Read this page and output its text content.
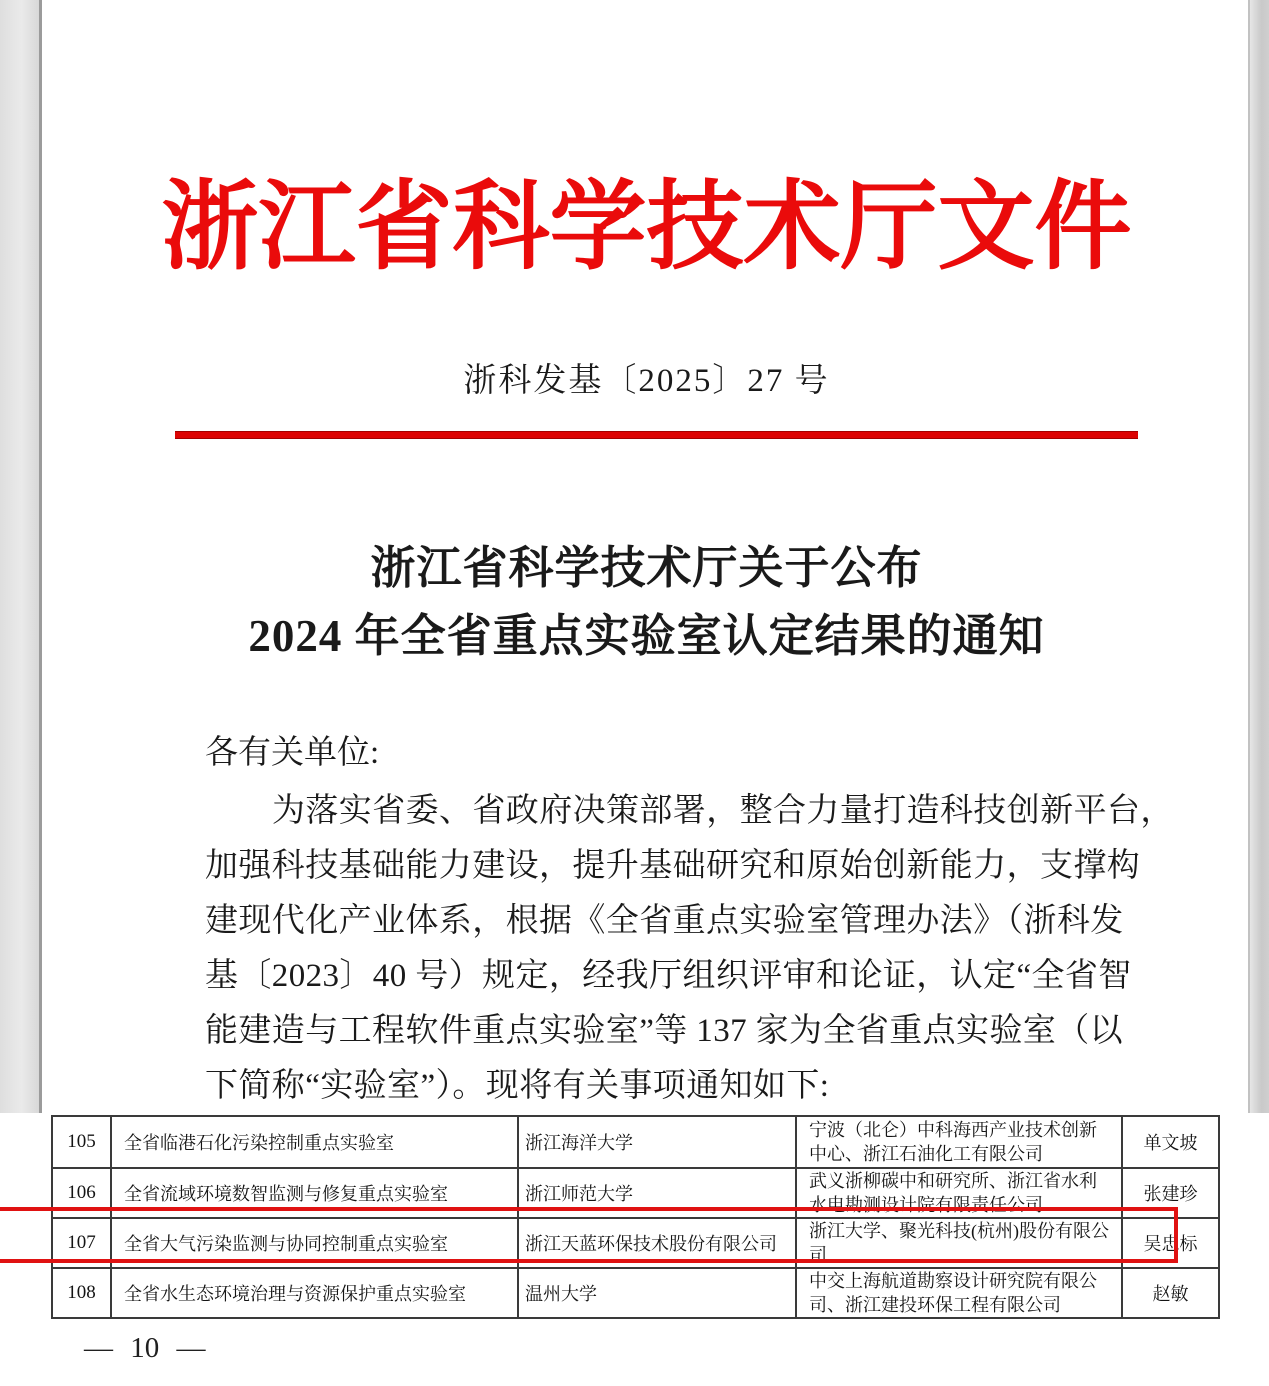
浙江省科学技术厅文件
浙科发基〔2025〕27 号
浙江省科学技术厅关于公布
2024 年全省重点实验室认定结果的通知
各有关单位:
为落实省委、省政府决策部署，整合力量打造科技创新平台，
加强科技基础能力建设，提升基础研究和原始创新能力，支撑构
建现代化产业体系，根据《全省重点实验室管理办法》（浙科发
基〔2023〕40 号）规定，经我厅组织评审和论证，认定“全省智
能建造与工程软件重点实验室”等 137 家为全省重点实验室（以
下简称“实验室”）。现将有关事项通知如下:
105	全省临港石化污染控制重点实验室	浙江海洋大学	宁波（北仑）中科海西产业技术创新中心、浙江石油化工有限公司	单文坡
106	全省流域环境数智监测与修复重点实验室	浙江师范大学	武义浙柳碳中和研究所、浙江省水利水电勘测设计院有限责任公司	张建珍
107	全省大气污染监测与协同控制重点实验室	浙江天蓝环保技术股份有限公司	浙江大学、聚光科技(杭州)股份有限公司	吴忠标
108	全省水生态环境治理与资源保护重点实验室	温州大学	中交上海航道勘察设计研究院有限公司、浙江建投环保工程有限公司	赵敏
— 10 —
